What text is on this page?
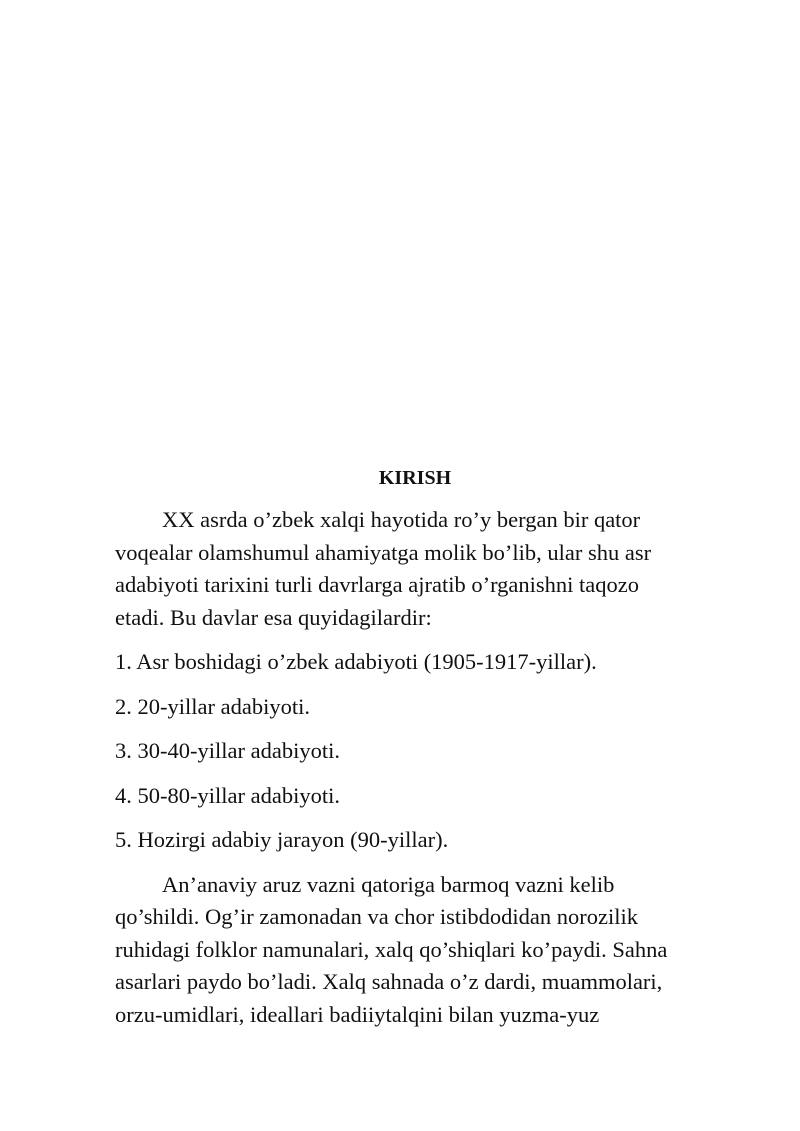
KIRISH
XX asrda o’zbek xalqi hayotida ro’y bergan bir qator
voqealar olamshumul ahamiyatga molik bo’lib, ular shu asr
adabiyoti tarixini turli davrlarga ajratib o’rganishni taqozo
etadi. Bu davlar esa quyidagilardir:
1. Asr boshidagi o’zbek adabiyoti (1905-1917-yillar).
2. 20-yillar adabiyoti.
3. 30-40-yillar adabiyoti.
4. 50-80-yillar adabiyoti.
5. Hozirgi adabiy jarayon (90-yillar).
An’anaviy aruz vazni qatoriga barmoq vazni kelib
qo’shildi. Og’ir zamonadan va chor istibdodidan norozilik
ruhidagi folklor namunalari, xalq qo’shiqlari ko’paydi. Sahna
asarlari paydo bo’ladi. Xalq sahnada o’z dardi, muammolari,
orzu-umidlari, ideallari badiiytalqini bilan yuzma-yuz
